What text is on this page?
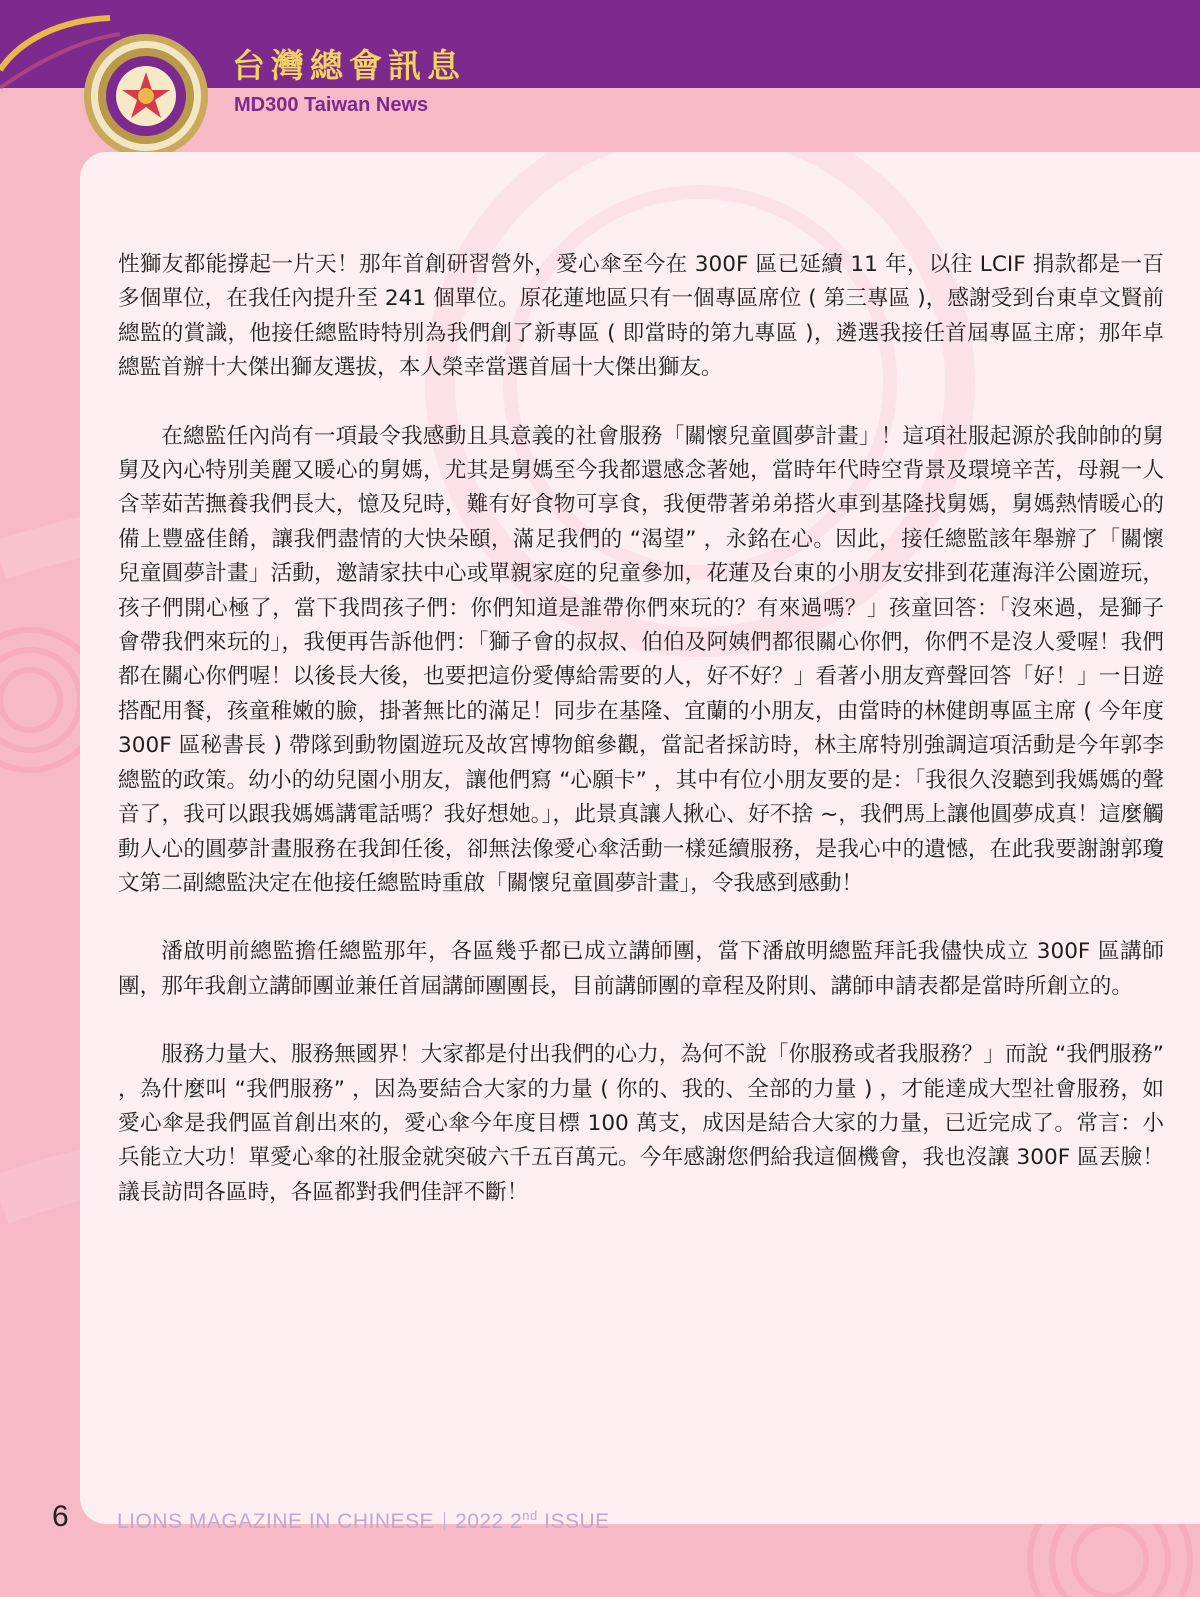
台灣總會訊息
MD300 Taiwan News

性獅友都能撐起一片天！那年首創研習營外，愛心傘至今在 300F 區已延續 11 年，以往 LCIF 捐款都是一百多個單位，在我任內提升至 241 個單位。原花蓮地區只有一個專區席位 ( 第三專區 )，感謝受到台東卓文賢前總監的賞識，他接任總監時特別為我們創了新專區 ( 即當時的第九專區 )，遴選我接任首屆專區主席；那年卓總監首辦十大傑出獅友選拔，本人榮幸當選首屆十大傑出獅友。

在總監任內尚有一項最令我感動且具意義的社會服務「關懷兒童圓夢計畫」！這項社服起源於我帥帥的舅舅及內心特別美麗又暖心的舅媽，尤其是舅媽至今我都還感念著她，當時年代時空背景及環境辛苦，母親一人含莘茹苦撫養我們長大，憶及兒時，難有好食物可享食，我便帶著弟弟搭火車到基隆找舅媽，舅媽熱情暖心的備上豐盛佳餚，讓我們盡情的大快朵頤，滿足我們的 “渴望” ，永銘在心。因此，接任總監該年舉辦了「關懷兒童圓夢計畫」活動，邀請家扶中心或單親家庭的兒童參加，花蓮及台東的小朋友安排到花蓮海洋公園遊玩，孩子們開心極了，當下我問孩子們：你們知道是誰帶你們來玩的？有來過嗎？」孩童回答：「沒來過，是獅子會帶我們來玩的」，我便再告訴他們：「獅子會的叔叔、伯伯及阿姨們都很關心你們，你們不是沒人愛喔！我們都在關心你們喔！以後長大後，也要把這份愛傳給需要的人，好不好？」看著小朋友齊聲回答「好！」一日遊搭配用餐，孩童稚嫩的臉，掛著無比的滿足！同步在基隆、宜蘭的小朋友，由當時的林健朗專區主席 ( 今年度 300F 區秘書長 ) 帶隊到動物園遊玩及故宮博物館參觀，當記者採訪時，林主席特別強調這項活動是今年郭李總監的政策。幼小的幼兒園小朋友，讓他們寫 “心願卡” ，其中有位小朋友要的是：「我很久沒聽到我媽媽的聲音了，我可以跟我媽媽講電話嗎？我好想她。」，此景真讓人揪心、好不捨 ~，我們馬上讓他圓夢成真！這麼觸動人心的圓夢計畫服務在我卸任後，卻無法像愛心傘活動一樣延續服務，是我心中的遺憾，在此我要謝謝郭瓊文第二副總監決定在他接任總監時重啟「關懷兒童圓夢計畫」，令我感到感動！

潘啟明前總監擔任總監那年，各區幾乎都已成立講師團，當下潘啟明總監拜託我儘快成立 300F 區講師團，那年我創立講師團並兼任首屆講師團團長，目前講師團的章程及附則、講師申請表都是當時所創立的。

服務力量大、服務無國界！大家都是付出我們的心力，為何不說「你服務或者我服務？」而說 “我們服務” ，為什麼叫 “我們服務” ，因為要結合大家的力量 ( 你的、我的、全部的力量 ) ，才能達成大型社會服務，如愛心傘是我們區首創出來的，愛心傘今年度目標 100 萬支，成因是結合大家的力量，已近完成了。常言：小兵能立大功！單愛心傘的社服金就突破六千五百萬元。今年感謝您們給我這個機會，我也沒讓 300F 區丟臉！議長訪問各區時，各區都對我們佳評不斷！

6 LIONS MAGAZINE IN CHINESE 2022 2nd ISSUE
